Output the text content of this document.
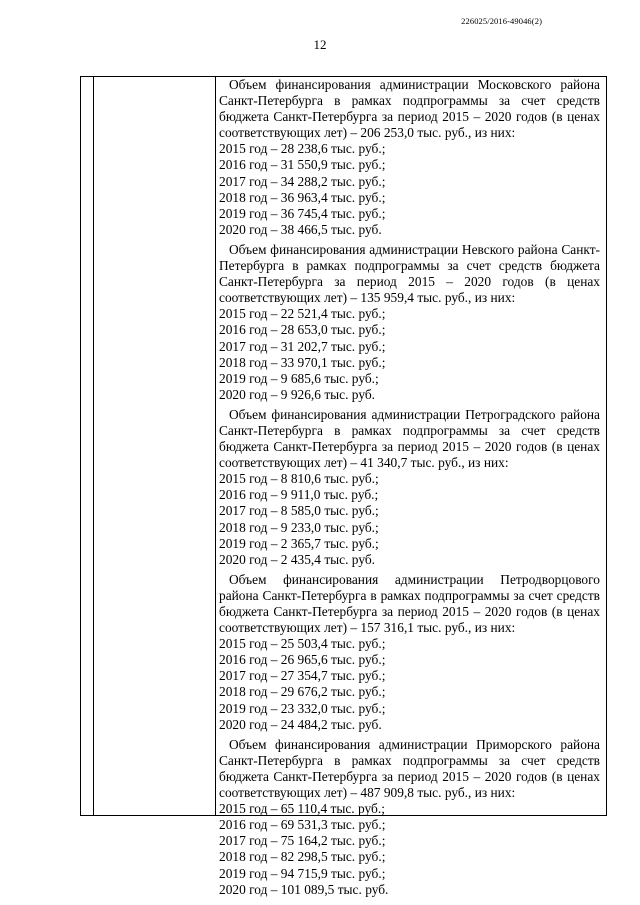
226025/2016-49046(2)
12

Объем финансирования администрации Московского района Санкт-Петербурга в рамках подпрограммы за счет средств бюджета Санкт-Петербурга за период 2015 – 2020 годов (в ценах соответствующих лет) – 206 253,0 тыс. руб., из них:

2015 год – 28 238,6 тыс. руб.;

2016 год – 31 550,9 тыс. руб.;

2017 год – 34 288,2 тыс. руб.;

2018 год – 36 963,4 тыс. руб.;

2019 год – 36 745,4 тыс. руб.;

2020 год – 38 466,5 тыс. руб.

Объем финансирования администрации Невского района Санкт-Петербурга в рамках подпрограммы за счет средств бюджета Санкт-Петербурга за период 2015 – 2020 годов (в ценах соответствующих лет) – 135 959,4 тыс. руб., из них:

2015 год – 22 521,4 тыс. руб.;

2016 год – 28 653,0 тыс. руб.;

2017 год – 31 202,7 тыс. руб.;

2018 год – 33 970,1 тыс. руб.;

2019 год – 9 685,6 тыс. руб.;

2020 год – 9 926,6 тыс. руб.

Объем финансирования администрации Петроградского района Санкт-Петербурга в рамках подпрограммы за счет средств бюджета Санкт-Петербурга за период 2015 – 2020 годов (в ценах соответствующих лет) – 41 340,7 тыс. руб., из них:

2015 год – 8 810,6 тыс. руб.;

2016 год – 9 911,0 тыс. руб.;

2017 год – 8 585,0 тыс. руб.;

2018 год – 9 233,0 тыс. руб.;

2019 год – 2 365,7 тыс. руб.;

2020 год – 2 435,4 тыс. руб.

Объем финансирования администрации Петродворцового района Санкт-Петербурга в рамках подпрограммы за счет средств бюджета Санкт-Петербурга за период 2015 – 2020 годов (в ценах соответствующих лет) – 157 316,1 тыс. руб., из них:

2015 год – 25 503,4 тыс. руб.;

2016 год – 26 965,6 тыс. руб.;

2017 год – 27 354,7 тыс. руб.;

2018 год – 29 676,2 тыс. руб.;

2019 год – 23 332,0 тыс. руб.;

2020 год – 24 484,2 тыс. руб.

Объем финансирования администрации Приморского района Санкт-Петербурга в рамках подпрограммы за счет средств бюджета Санкт-Петербурга за период 2015 – 2020 годов (в ценах соответствующих лет) – 487 909,8 тыс. руб., из них:

2015 год – 65 110,4 тыс. руб.;

2016 год – 69 531,3 тыс. руб.;

2017 год – 75 164,2 тыс. руб.;

2018 год – 82 298,5 тыс. руб.;

2019 год – 94 715,9 тыс. руб.;

2020 год – 101 089,5 тыс. руб.
